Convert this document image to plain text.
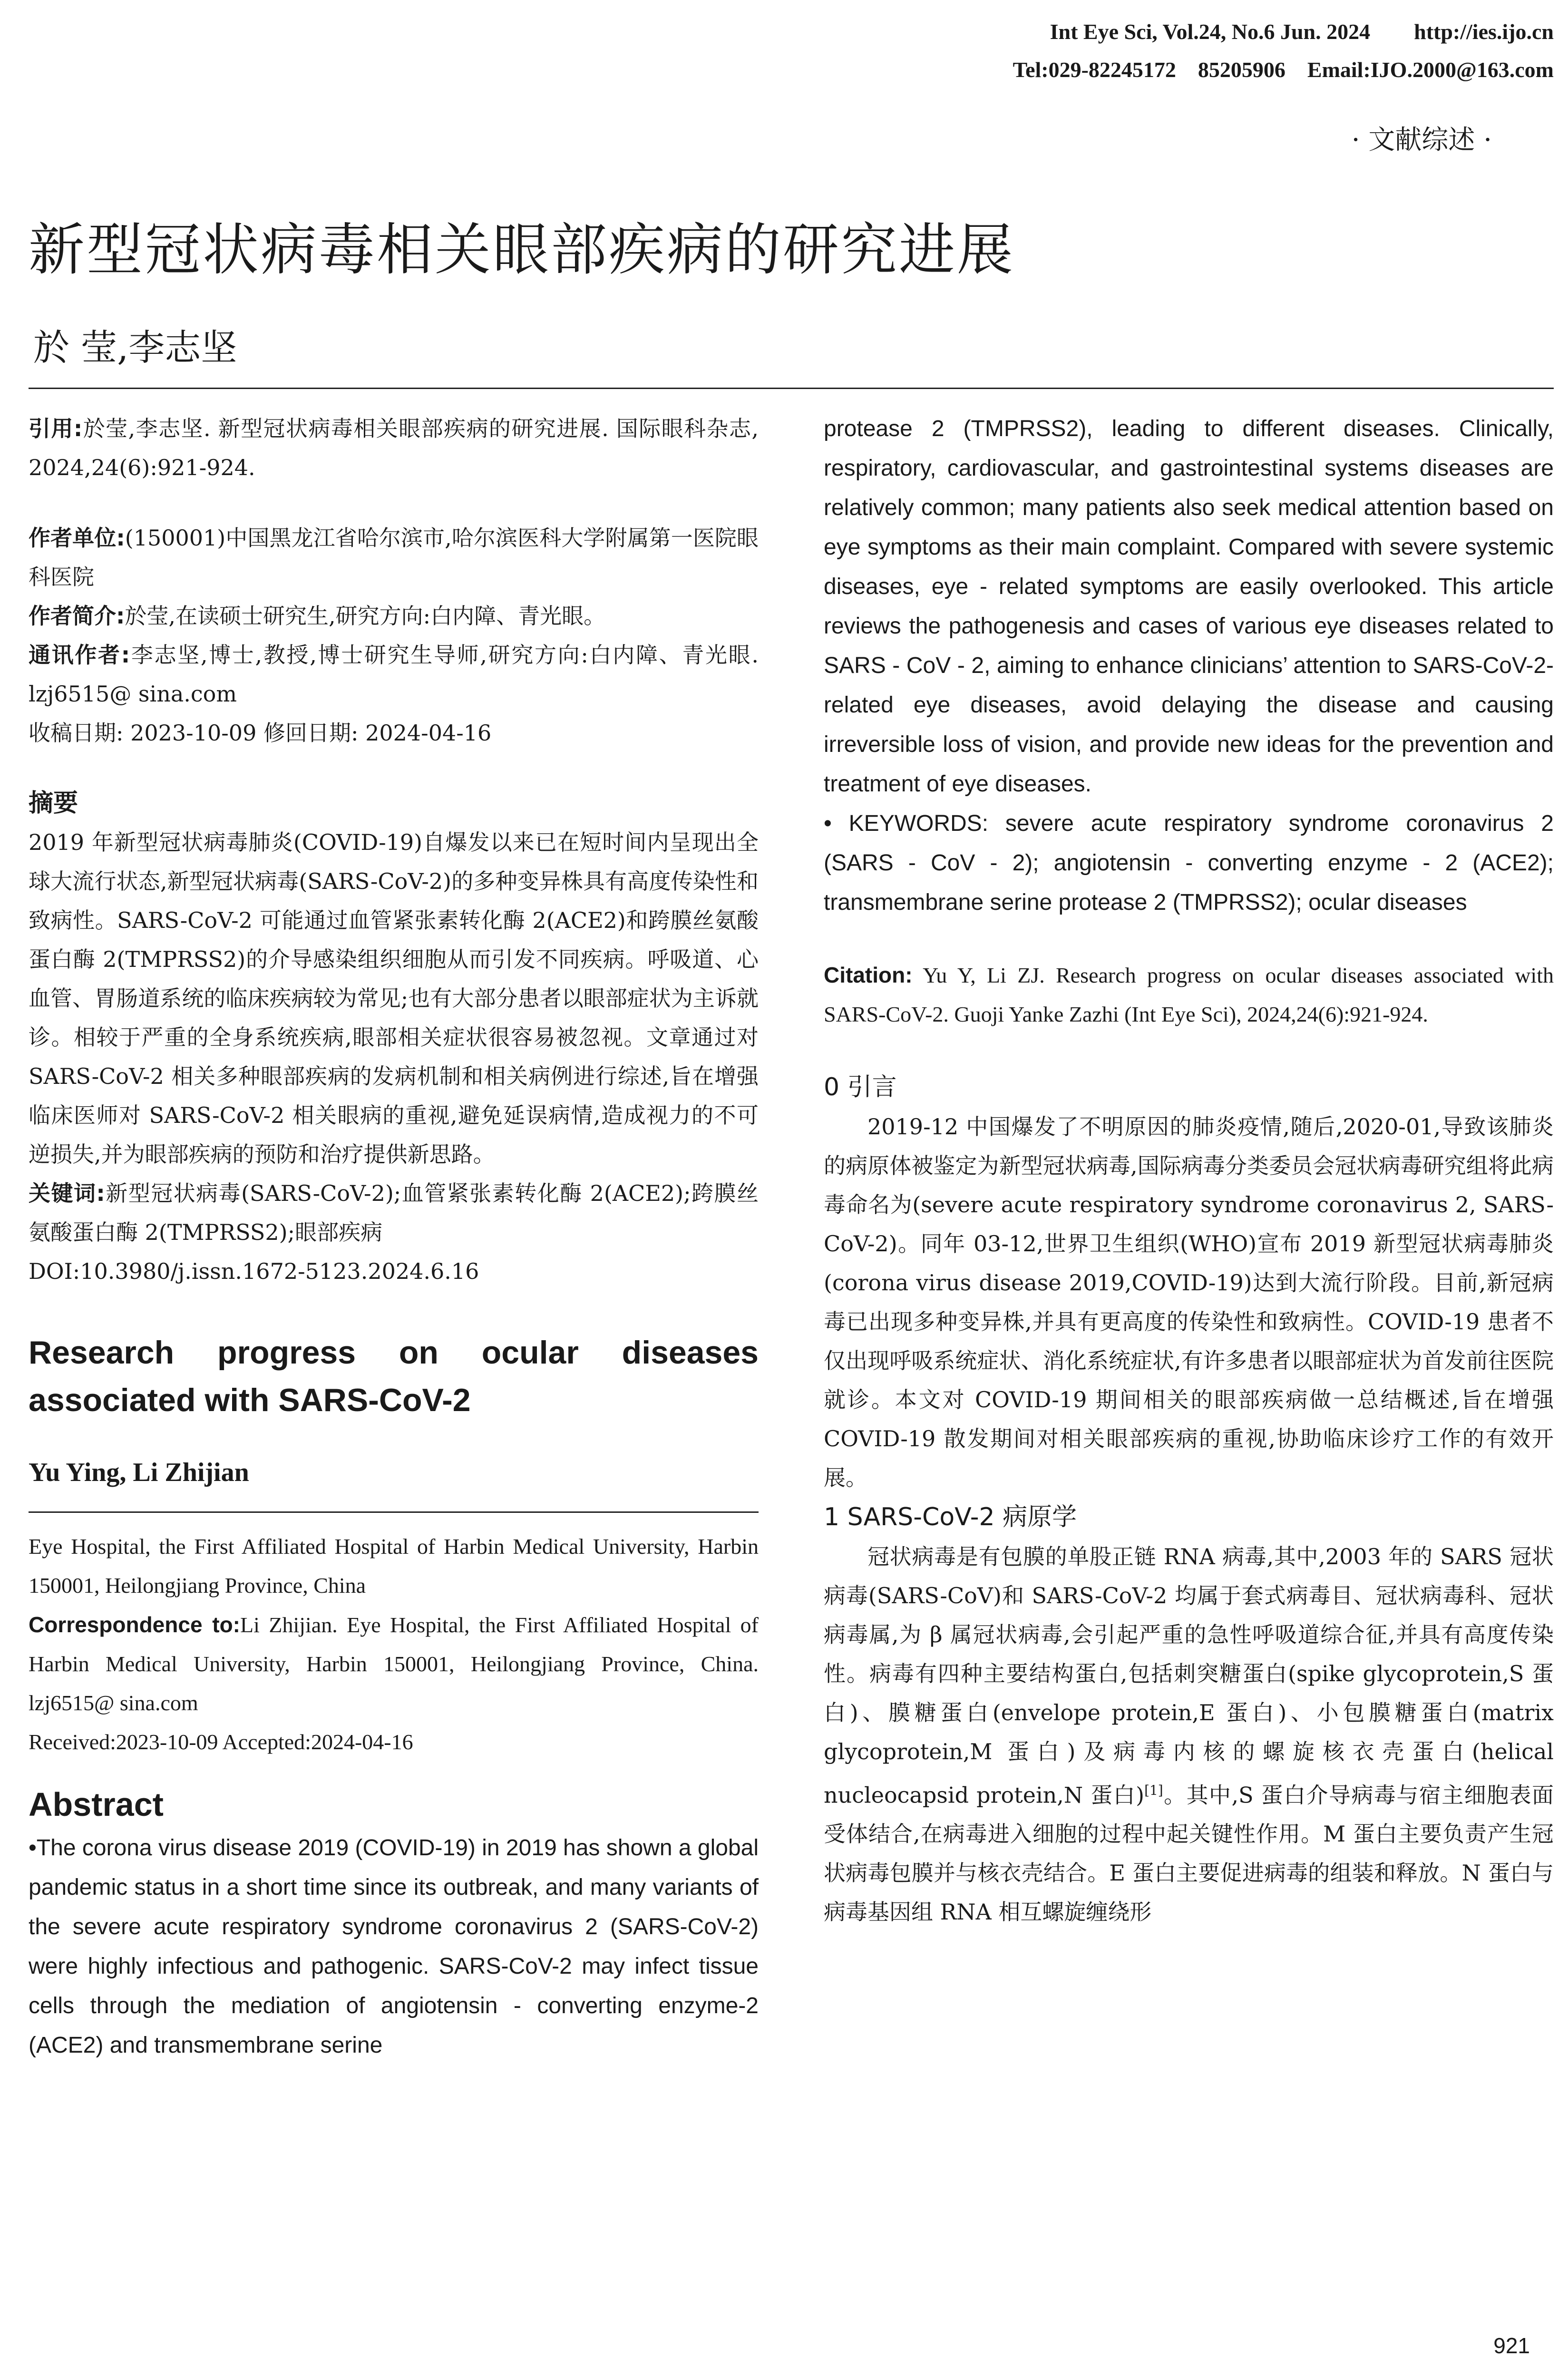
Int Eye Sci, Vol.24, No.6 Jun. 2024        http://ies.ijo.cn
Tel:029-82245172    85205906    Email:IJO.2000@163.com
· 文献综述 ·
新型冠状病毒相关眼部疾病的研究进展
於 莹,李志坚

引用:於莹,李志坚. 新型冠状病毒相关眼部疾病的研究进展. 国际眼科杂志, 2024,24(6):921-924.

作者单位:(150001)中国黑龙江省哈尔滨市,哈尔滨医科大学附属第一医院眼科医院

作者简介:於莹,在读硕士研究生,研究方向:白内障、青光眼。

通讯作者:李志坚,博士,教授,博士研究生导师,研究方向:白内障、青光眼. lzj6515@ sina.com

收稿日期: 2023-10-09 修回日期: 2024-04-16

摘要

2019 年新型冠状病毒肺炎(COVID-19)自爆发以来已在短时间内呈现出全球大流行状态,新型冠状病毒(SARS-CoV-2)的多种变异株具有高度传染性和致病性。SARS-CoV-2 可能通过血管紧张素转化酶 2(ACE2)和跨膜丝氨酸蛋白酶 2(TMPRSS2)的介导感染组织细胞从而引发不同疾病。呼吸道、心血管、胃肠道系统的临床疾病较为常见;也有大部分患者以眼部症状为主诉就诊。相较于严重的全身系统疾病,眼部相关症状很容易被忽视。文章通过对 SARS-CoV-2 相关多种眼部疾病的发病机制和相关病例进行综述,旨在增强临床医师对 SARS-CoV-2 相关眼病的重视,避免延误病情,造成视力的不可逆损失,并为眼部疾病的预防和治疗提供新思路。

关键词:新型冠状病毒(SARS-CoV-2);血管紧张素转化酶 2(ACE2);跨膜丝氨酸蛋白酶 2(TMPRSS2);眼部疾病

DOI:10.3980/j.issn.1672-5123.2024.6.16

Research progress on ocular diseases associated with SARS-CoV-2

Yu Ying, Li Zhijian

Eye Hospital, the First Affiliated Hospital of Harbin Medical University, Harbin 150001, Heilongjiang Province, China

Correspondence to:Li Zhijian. Eye Hospital, the First Affiliated Hospital of Harbin Medical University, Harbin 150001, Heilongjiang Province, China. lzj6515@ sina.com

Received:2023-10-09 Accepted:2024-04-16

Abstract

•The corona virus disease 2019 (COVID-19) in 2019 has shown a global pandemic status in a short time since its outbreak, and many variants of the severe acute respiratory syndrome coronavirus 2 (SARS-CoV-2) were highly infectious and pathogenic. SARS-CoV-2 may infect tissue cells through the mediation of angiotensin - converting enzyme-2 (ACE2) and transmembrane serine

protease 2 (TMPRSS2), leading to different diseases. Clinically, respiratory, cardiovascular, and gastrointestinal systems diseases are relatively common; many patients also seek medical attention based on eye symptoms as their main complaint. Compared with severe systemic diseases, eye - related symptoms are easily overlooked. This article reviews the pathogenesis and cases of various eye diseases related to SARS - CoV - 2, aiming to enhance clinicians’ attention to SARS-CoV-2-related eye diseases, avoid delaying the disease and causing irreversible loss of vision, and provide new ideas for the prevention and treatment of eye diseases.

• KEYWORDS: severe acute respiratory syndrome coronavirus 2 (SARS - CoV - 2); angiotensin - converting enzyme - 2 (ACE2); transmembrane serine protease 2 (TMPRSS2); ocular diseases

Citation: Yu Y, Li ZJ. Research progress on ocular diseases associated with SARS-CoV-2. Guoji Yanke Zazhi (Int Eye Sci), 2024,24(6):921-924.

0 引言

2019-12 中国爆发了不明原因的肺炎疫情,随后,2020-01,导致该肺炎的病原体被鉴定为新型冠状病毒,国际病毒分类委员会冠状病毒研究组将此病毒命名为(severe acute respiratory syndrome coronavirus 2, SARS-CoV-2)。同年 03-12,世界卫生组织(WHO)宣布 2019 新型冠状病毒肺炎(corona virus disease 2019,COVID-19)达到大流行阶段。目前,新冠病毒已出现多种变异株,并具有更高度的传染性和致病性。COVID-19 患者不仅出现呼吸系统症状、消化系统症状,有许多患者以眼部症状为首发前往医院就诊。本文对 COVID-19 期间相关的眼部疾病做一总结概述,旨在增强 COVID-19 散发期间对相关眼部疾病的重视,协助临床诊疗工作的有效开展。

1 SARS-CoV-2 病原学

冠状病毒是有包膜的单股正链 RNA 病毒,其中,2003 年的 SARS 冠状病毒(SARS-CoV)和 SARS-CoV-2 均属于套式病毒目、冠状病毒科、冠状病毒属,为 β 属冠状病毒,会引起严重的急性呼吸道综合征,并具有高度传染性。病毒有四种主要结构蛋白,包括刺突糖蛋白(spike glycoprotein,S 蛋白)、膜糖蛋白(envelope protein,E 蛋白)、小包膜糖蛋白(matrix glycoprotein,M 蛋白)及病毒内核的螺旋核衣壳蛋白(helical nucleocapsid protein,N 蛋白)[1]。其中,S 蛋白介导病毒与宿主细胞表面受体结合,在病毒进入细胞的过程中起关键性作用。M 蛋白主要负责产生冠状病毒包膜并与核衣壳结合。E 蛋白主要促进病毒的组装和释放。N 蛋白与病毒基因组 RNA 相互螺旋缠绕形

921
